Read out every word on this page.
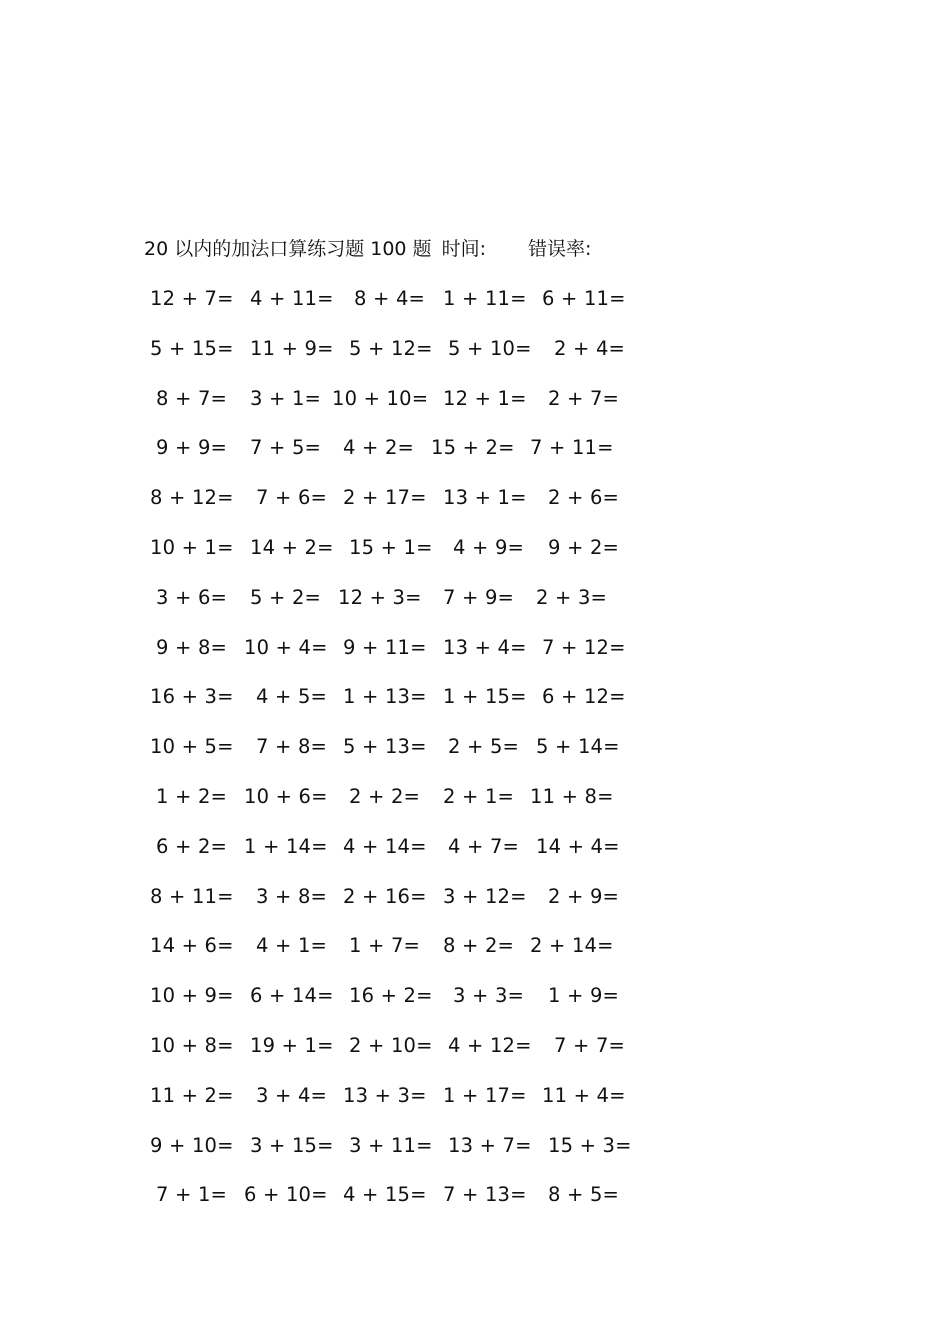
20 以内的加法口算练习题 100 题 时间: 错误率:
12 + 7= 4 + 11= 8 + 4= 1 + 11= 6 + 11=
5 + 15= 11 + 9= 5 + 12= 5 + 10= 2 + 4=
8 + 7= 3 + 1= 10 + 10= 12 + 1= 2 + 7=
9 + 9= 7 + 5= 4 + 2= 15 + 2= 7 + 11=
8 + 12= 7 + 6= 2 + 17= 13 + 1= 2 + 6=
10 + 1= 14 + 2= 15 + 1= 4 + 9= 9 + 2=
3 + 6= 5 + 2= 12 + 3= 7 + 9= 2 + 3=
9 + 8= 10 + 4= 9 + 11= 13 + 4= 7 + 12=
16 + 3= 4 + 5= 1 + 13= 1 + 15= 6 + 12=
10 + 5= 7 + 8= 5 + 13= 2 + 5= 5 + 14=
1 + 2= 10 + 6= 2 + 2= 2 + 1= 11 + 8=
6 + 2= 1 + 14= 4 + 14= 4 + 7= 14 + 4=
8 + 11= 3 + 8= 2 + 16= 3 + 12= 2 + 9=
14 + 6= 4 + 1= 1 + 7= 8 + 2= 2 + 14=
10 + 9= 6 + 14= 16 + 2= 3 + 3= 1 + 9=
10 + 8= 19 + 1= 2 + 10= 4 + 12= 7 + 7=
11 + 2= 3 + 4= 13 + 3= 1 + 17= 11 + 4=
9 + 10= 3 + 15= 3 + 11= 13 + 7= 15 + 3=
7 + 1= 6 + 10= 4 + 15= 7 + 13= 8 + 5=
